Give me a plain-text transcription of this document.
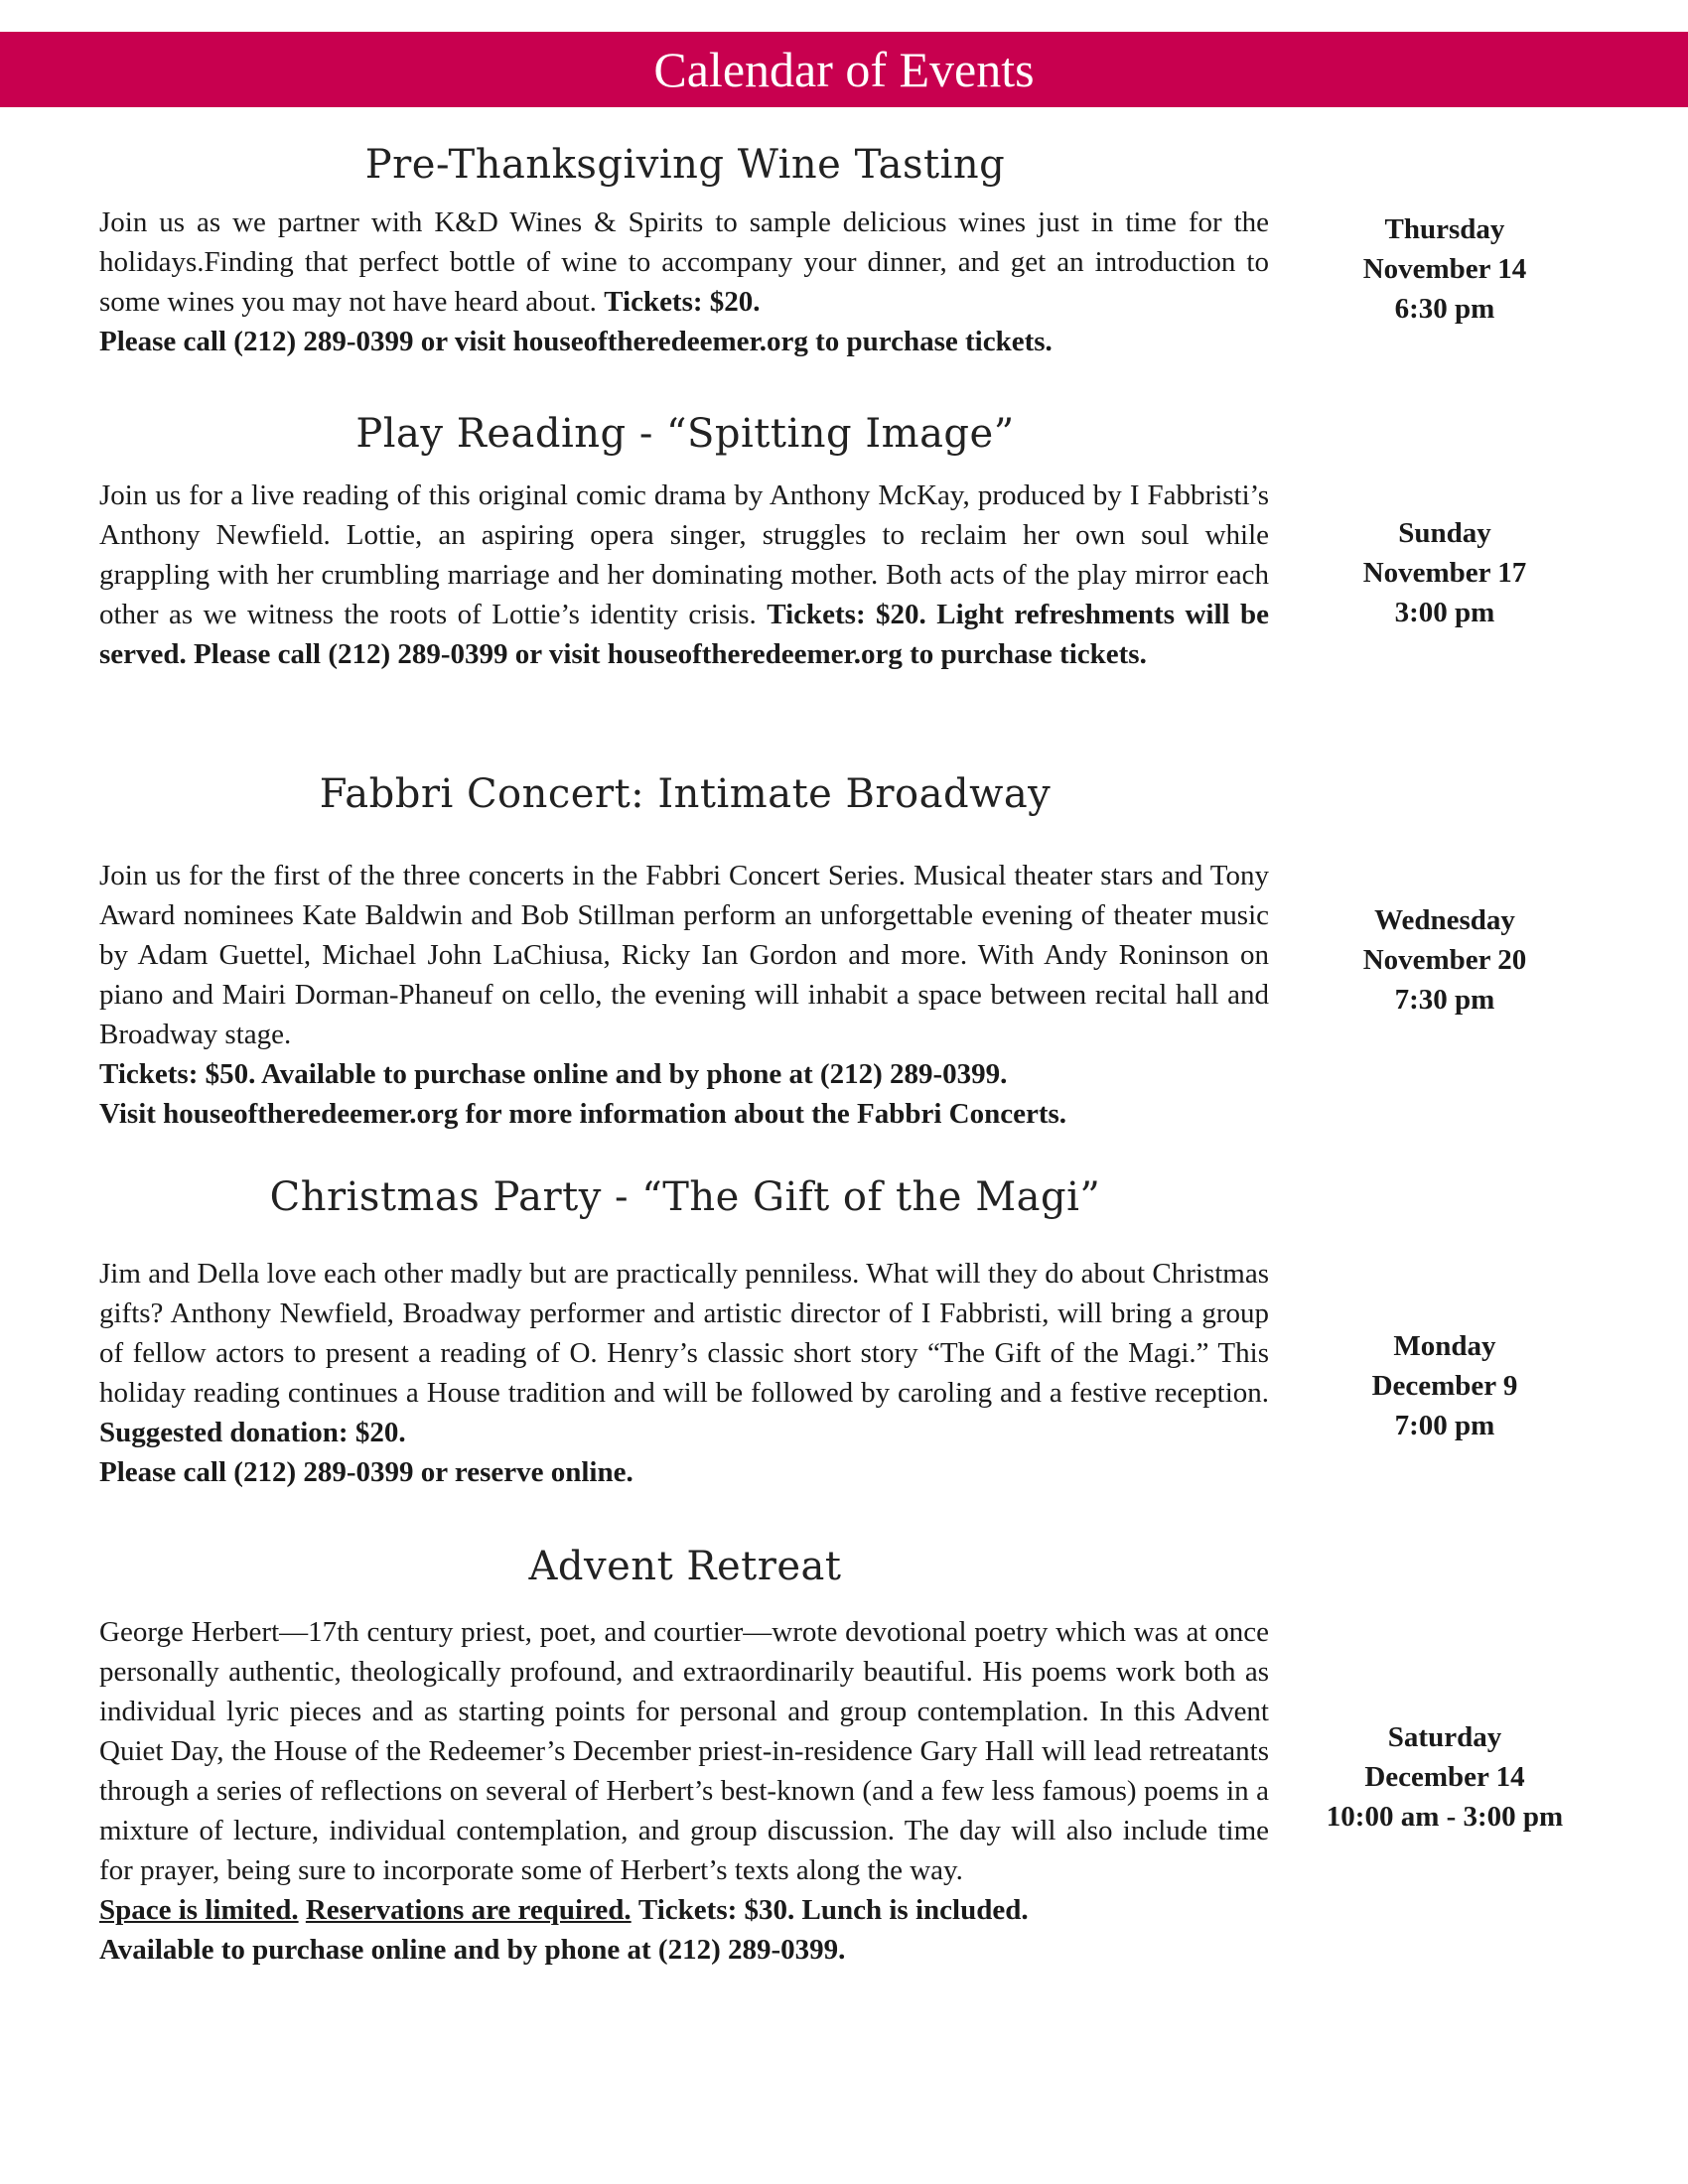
Calendar of Events
Pre-Thanksgiving Wine Tasting
Join us as we partner with K&D Wines & Spirits to sample delicious wines just in time for the holidays.Finding that perfect bottle of wine to accompany your dinner, and get an introduction to some wines you may not have heard about. Tickets: $20.
Please call (212) 289-0399 or visit houseoftheredeemer.org to purchase tickets.
Thursday
November 14
6:30 pm
Play Reading - “Spitting Image”
Join us for a live reading of this original comic drama by Anthony McKay, produced by I Fabbristi’s Anthony Newfield. Lottie, an aspiring opera singer, struggles to reclaim her own soul while grappling with her crumbling marriage and her dominating mother. Both acts of the play mirror each other as we witness the roots of Lottie’s identity crisis. Tickets: $20. Light refreshments will be served. Please call (212) 289-0399 or visit houseoftheredeemer.org to purchase tickets.
Sunday
November 17
3:00 pm
Fabbri Concert: Intimate Broadway
Join us for the first of the three concerts in the Fabbri Concert Series. Musical theater stars and Tony Award nominees Kate Baldwin and Bob Stillman perform an unforgettable evening of theater music by Adam Guettel, Michael John LaChiusa, Ricky Ian Gordon and more. With Andy Roninson on piano and Mairi Dorman-Phaneuf on cello, the evening will inhabit a space between recital hall and Broadway stage.
Tickets: $50. Available to purchase online and by phone at (212) 289-0399.
Visit houseoftheredeemer.org for more information about the Fabbri Concerts.
Wednesday
November 20
7:30 pm
Christmas Party - “The Gift of the Magi”
Jim and Della love each other madly but are practically penniless. What will they do about Christmas gifts? Anthony Newfield, Broadway performer and artistic director of I Fabbristi, will bring a group of fellow actors to present a reading of O. Henry’s classic short story “The Gift of the Magi.” This holiday reading continues a House tradition and will be followed by caroling and a festive reception. Suggested donation: $20.
Please call (212) 289-0399 or reserve online.
Monday
December 9
7:00 pm
Advent Retreat
George Herbert—17th century priest, poet, and courtier—wrote devotional poetry which was at once personally authentic, theologically profound, and extraordinarily beautiful. His poems work both as individual lyric pieces and as starting points for personal and group contemplation. In this Advent Quiet Day, the House of the Redeemer’s December priest-in-residence Gary Hall will lead retreatants through a series of reflections on several of Herbert’s best-known (and a few less famous) poems in a mixture of lecture, individual contemplation, and group discussion. The day will also include time for prayer, being sure to incorporate some of Herbert’s texts along the way.
Space is limited. Reservations are required. Tickets: $30. Lunch is included.
Available to purchase online and by phone at (212) 289-0399.
Saturday
December 14
10:00 am - 3:00 pm
